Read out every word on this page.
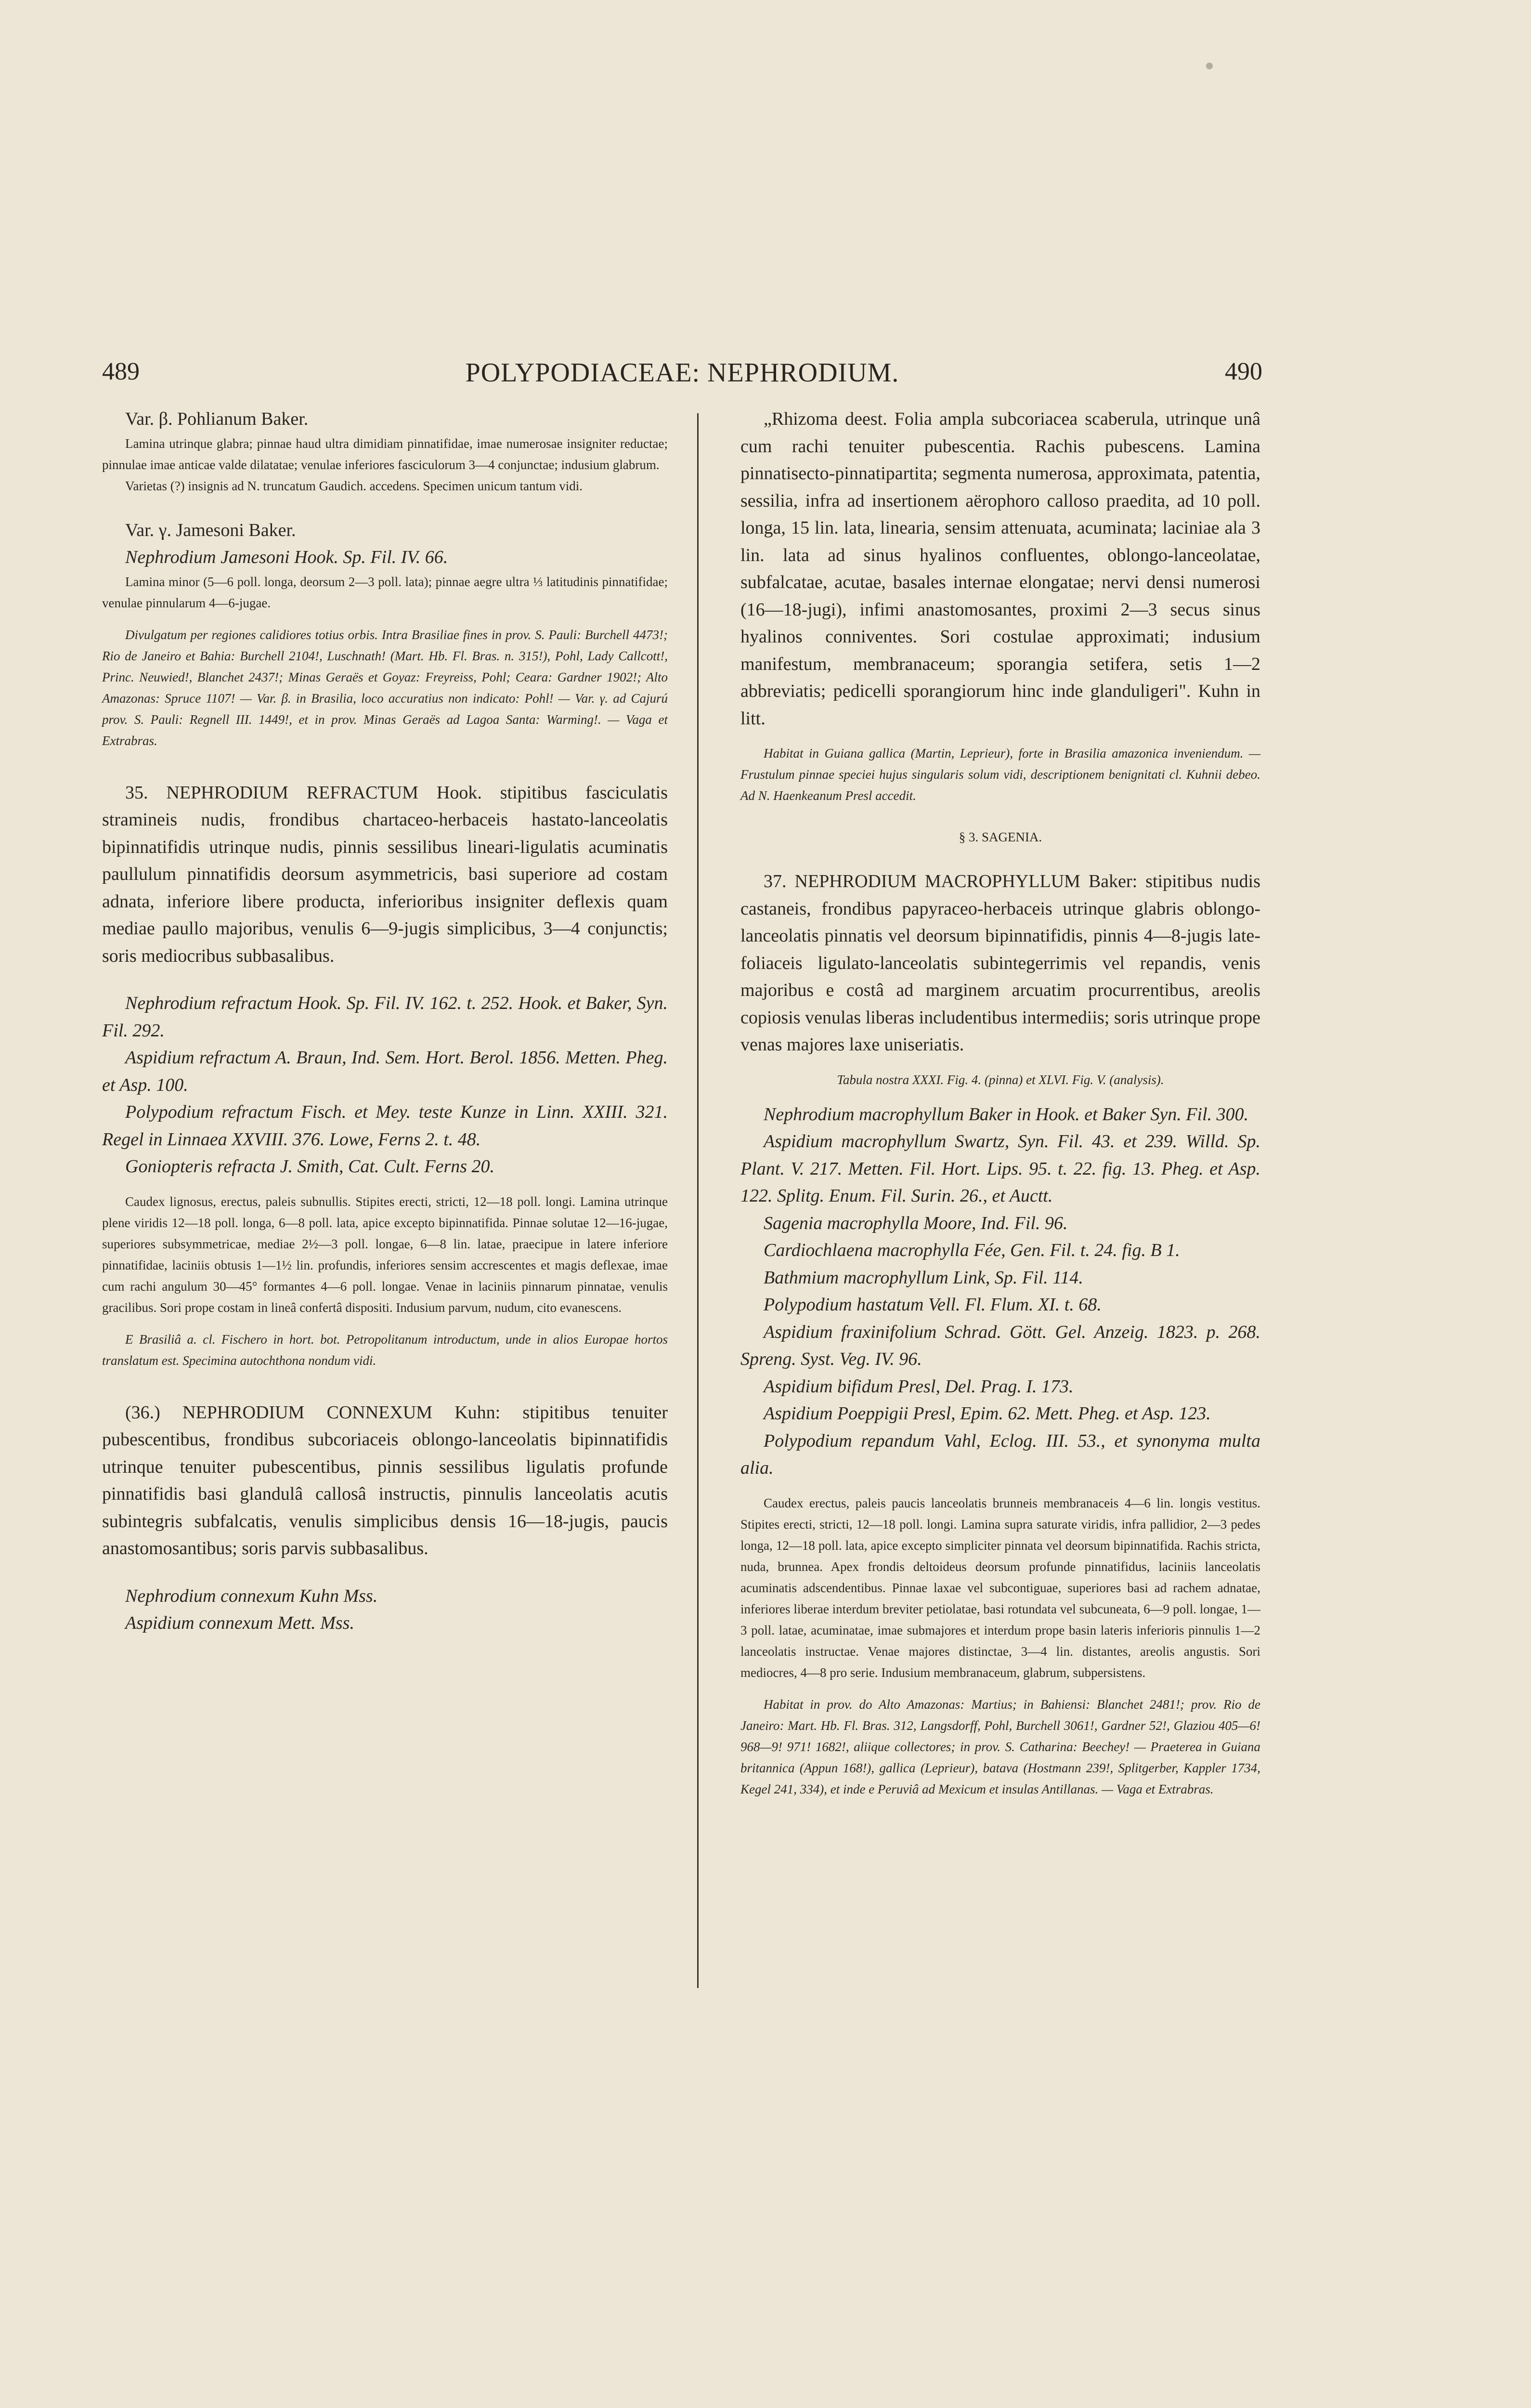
489	POLYPODIACEAE: NEPHRODIUM.	490

Var. β. Pohlianum Baker.

Lamina utrinque glabra; pinnae haud ultra dimidiam pinnatifidae, imae numerosae insigniter reductae; pinnulae imae anticae valde dilatatae; venulae inferiores fasciculorum 3—4 conjunctae; indusium glabrum.

Varietas (?) insignis ad N. truncatum Gaudich. accedens. Specimen unicum tantum vidi.

Var. γ. Jamesoni Baker.

Nephrodium Jamesoni Hook. Sp. Fil. IV. 66.

Lamina minor (5—6 poll. longa, deorsum 2—3 poll. lata); pinnae aegre ultra ⅓ latitudinis pinnatifidae; venulae pinnularum 4—6-jugae.

Divulgatum per regiones calidiores totius orbis. Intra Brasiliae fines in prov. S. Pauli: Burchell 4473!; Rio de Janeiro et Bahia: Burchell 2104!, Luschnath! (Mart. Hb. Fl. Bras. n. 315!), Pohl, Lady Callcott!, Princ. Neuwied!, Blanchet 2437!; Minas Geraës et Goyaz: Freyreiss, Pohl; Ceara: Gardner 1902!; Alto Amazonas: Spruce 1107! — Var. β. in Brasilia, loco accuratius non indicato: Pohl! — Var. γ. ad Cajurú prov. S. Pauli: Regnell III. 1449!, et in prov. Minas Geraës ad Lagoa Santa: Warming!. — Vaga et Extrabras.

35. NEPHRODIUM REFRACTUM Hook. stipitibus fasciculatis stramineis nudis, frondibus chartaceo-herbaceis hastato-lanceolatis bipinnatifidis utrinque nudis, pinnis sessilibus lineari-ligulatis acuminatis paullulum pinnatifidis deorsum asymmetricis, basi superiore ad costam adnata, inferiore libere producta, inferioribus insigniter deflexis quam mediae paullo majoribus, venulis 6—9-jugis simplicibus, 3—4 conjunctis; soris mediocribus subbasalibus.

Nephrodium refractum Hook. Sp. Fil. IV. 162. t. 252. Hook. et Baker, Syn. Fil. 292.

Aspidium refractum A. Braun, Ind. Sem. Hort. Berol. 1856. Metten. Pheg. et Asp. 100.

Polypodium refractum Fisch. et Mey. teste Kunze in Linn. XXIII. 321. Regel in Linnaea XXVIII. 376. Lowe, Ferns 2. t. 48.

Goniopteris refracta J. Smith, Cat. Cult. Ferns 20.

Caudex lignosus, erectus, paleis subnullis. Stipites erecti, stricti, 12—18 poll. longi. Lamina utrinque plene viridis 12—18 poll. longa, 6—8 poll. lata, apice excepto bipinnatifida. Pinnae solutae 12—16-jugae, superiores subsymmetricae, mediae 2½—3 poll. longae, 6—8 lin. latae, praecipue in latere inferiore pinnatifidae, laciniis obtusis 1—1½ lin. profundis, inferiores sensim accrescentes et magis deflexae, imae cum rachi angulum 30—45° formantes 4—6 poll. longae. Venae in laciniis pinnarum pinnatae, venulis gracilibus. Sori prope costam in lineâ confertâ dispositi. Indusium parvum, nudum, cito evanescens.

E Brasiliâ a. cl. Fischero in hort. bot. Petropolitanum introductum, unde in alios Europae hortos translatum est. Specimina autochthona nondum vidi.

(36.) NEPHRODIUM CONNEXUM Kuhn: stipitibus tenuiter pubescentibus, frondibus subcoriaceis oblongo-lanceolatis bipinnatifidis utrinque tenuiter pubescentibus, pinnis sessilibus ligulatis profunde pinnatifidis basi glandulâ callosâ instructis, pinnulis lanceolatis acutis subintegris subfalcatis, venulis simplicibus densis 16—18-jugis, paucis anastomosantibus; soris parvis subbasalibus.

Nephrodium connexum Kuhn Mss.

Aspidium connexum Mett. Mss.

„Rhizoma deest. Folia ampla subcoriacea scaberula, utrinque unâ cum rachi tenuiter pubescentia. Rachis pubescens. Lamina pinnatisecto-pinnatipartita; segmenta numerosa, approximata, patentia, sessilia, infra ad insertionem aërophoro calloso praedita, ad 10 poll. longa, 15 lin. lata, linearia, sensim attenuata, acuminata; laciniae ala 3 lin. lata ad sinus hyalinos confluentes, oblongo-lanceolatae, subfalcatae, acutae, basales internae elongatae; nervi densi numerosi (16—18-jugi), infimi anastomosantes, proximi 2—3 secus sinus hyalinos conniventes. Sori costulae approximati; indusium manifestum, membranaceum; sporangia setifera, setis 1—2 abbreviatis; pedicelli sporangiorum hinc inde glanduligeri". Kuhn in litt.

Habitat in Guiana gallica (Martin, Leprieur), forte in Brasilia amazonica inveniendum. — Frustulum pinnae speciei hujus singularis solum vidi, descriptionem benignitati cl. Kuhnii debeo. Ad N. Haenkeanum Presl accedit.

§ 3. SAGENIA.

37. NEPHRODIUM MACROPHYLLUM Baker: stipitibus nudis castaneis, frondibus papyraceo-herbaceis utrinque glabris oblongo-lanceolatis pinnatis vel deorsum bipinnatifidis, pinnis 4—8-jugis late-foliaceis ligulato-lanceolatis subintegerrimis vel repandis, venis majoribus e costâ ad marginem arcuatim procurrentibus, areolis copiosis venulas liberas includentibus intermediis; soris utrinque prope venas majores laxe uniseriatis.

Tabula nostra XXXI. Fig. 4. (pinna) et XLVI. Fig. V. (analysis).

Nephrodium macrophyllum Baker in Hook. et Baker Syn. Fil. 300.

Aspidium macrophyllum Swartz, Syn. Fil. 43. et 239. Willd. Sp. Plant. V. 217. Metten. Fil. Hort. Lips. 95. t. 22. fig. 13. Pheg. et Asp. 122. Splitg. Enum. Fil. Surin. 26., et Auctt.

Sagenia macrophylla Moore, Ind. Fil. 96.

Cardiochlaena macrophylla Fée, Gen. Fil. t. 24. fig. B 1.

Bathmium macrophyllum Link, Sp. Fil. 114.

Polypodium hastatum Vell. Fl. Flum. XI. t. 68.

Aspidium fraxinifolium Schrad. Gött. Gel. Anzeig. 1823. p. 268. Spreng. Syst. Veg. IV. 96.

Aspidium bifidum Presl, Del. Prag. I. 173.

Aspidium Poeppigii Presl, Epim. 62. Mett. Pheg. et Asp. 123.

Polypodium repandum Vahl, Eclog. III. 53., et synonyma multa alia.

Caudex erectus, paleis paucis lanceolatis brunneis membranaceis 4—6 lin. longis vestitus. Stipites erecti, stricti, 12—18 poll. longi. Lamina supra saturate viridis, infra pallidior, 2—3 pedes longa, 12—18 poll. lata, apice excepto simpliciter pinnata vel deorsum bipinnatifida. Rachis stricta, nuda, brunnea. Apex frondis deltoideus deorsum profunde pinnatifidus, laciniis lanceolatis acuminatis adscendentibus. Pinnae laxae vel subcontiguae, superiores basi ad rachem adnatae, inferiores liberae interdum breviter petiolatae, basi rotundata vel subcuneata, 6—9 poll. longae, 1—3 poll. latae, acuminatae, imae submajores et interdum prope basin lateris inferioris pinnulis 1—2 lanceolatis instructae. Venae majores distinctae, 3—4 lin. distantes, areolis angustis. Sori mediocres, 4—8 pro serie. Indusium membranaceum, glabrum, subpersistens.

Habitat in prov. do Alto Amazonas: Martius; in Bahiensi: Blanchet 2481!; prov. Rio de Janeiro: Mart. Hb. Fl. Bras. 312, Langsdorff, Pohl, Burchell 3061!, Gardner 52!, Glaziou 405—6! 968—9! 971! 1682!, aliique collectores; in prov. S. Catharina: Beechey! — Praeterea in Guiana britannica (Appun 168!), gallica (Leprieur), batava (Hostmann 239!, Splitgerber, Kappler 1734, Kegel 241, 334), et inde e Peruviâ ad Mexicum et insulas Antillanas. — Vaga et Extrabras.
